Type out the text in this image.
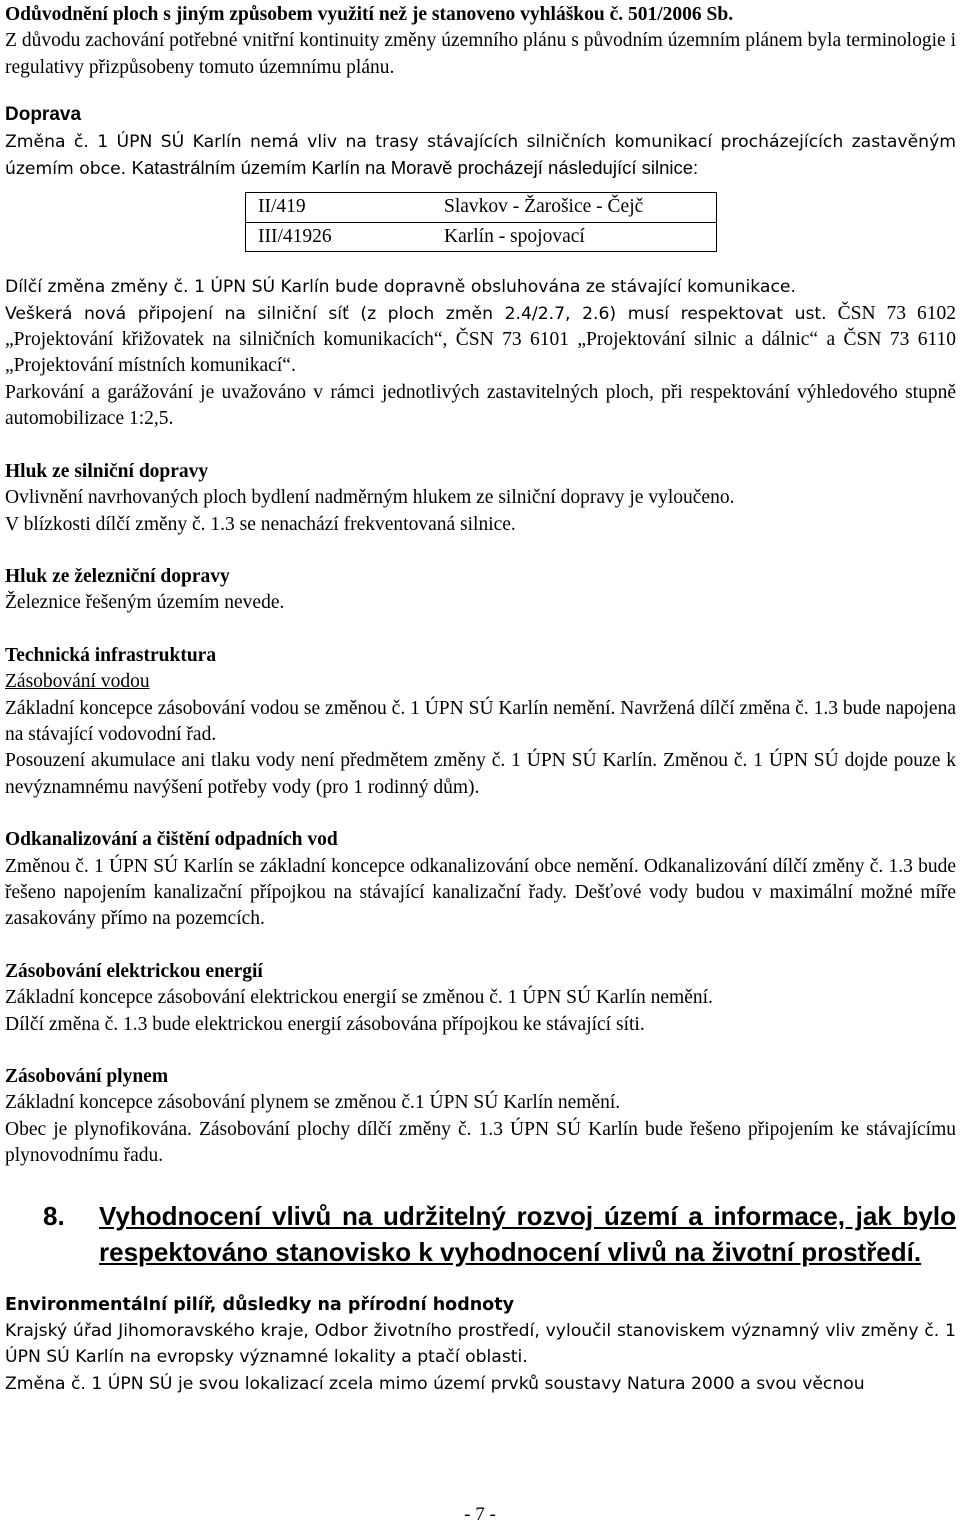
Odůvodnění ploch s jiným způsobem využití než je stanoveno vyhláškou č. 501/2006 Sb.

Z důvodu zachování potřebné vnitřní kontinuity změny územního plánu s původním územním plánem byla terminologie i regulativy přizpůsobeny tomuto územnímu plánu.

Doprava

Změna č. 1 ÚPN SÚ Karlín nemá vliv na trasy stávajících silničních komunikací procházejících zastavěným územím obce. Katastrálním územím Karlín na Moravě procházejí následující silnice:

II/419	Slavkov - Žarošice - Čejč
III/41926	Karlín - spojovací

Dílčí změna změny č. 1 ÚPN SÚ Karlín bude dopravně obsluhována ze stávající komunikace.

Veškerá nová připojení na silniční síť (z ploch změn 2.4/2.7, 2.6) musí respektovat ust. ČSN 73 6102 „Projektování křižovatek na silničních komunikacích“, ČSN 73 6101 „Projektování silnic a dálnic“ a ČSN 73 6110 „Projektování místních komunikací“.

Parkování a garážování je uvažováno v rámci jednotlivých zastavitelných ploch, při respektování výhledového stupně automobilizace 1:2,5.

Hluk ze silniční dopravy

Ovlivnění navrhovaných ploch bydlení nadměrným hlukem ze silniční dopravy je vyloučeno.

V blízkosti dílčí změny č. 1.3 se nenachází frekventovaná silnice.

Hluk ze železniční dopravy

Železnice řešeným územím nevede.

Technická infrastruktura

Zásobování vodou

Základní koncepce zásobování vodou se změnou č. 1 ÚPN SÚ Karlín nemění. Navržená dílčí změna č. 1.3 bude napojena na stávající vodovodní řad.

Posouzení akumulace ani tlaku vody není předmětem změny č. 1 ÚPN SÚ Karlín. Změnou č. 1 ÚPN SÚ dojde pouze k nevýznamnému navýšení potřeby vody (pro 1 rodinný dům).

Odkanalizování a čištění odpadních vod

Změnou č. 1 ÚPN SÚ Karlín se základní koncepce odkanalizování obce nemění. Odkanalizování dílčí změny č. 1.3 bude řešeno napojením kanalizační přípojkou na stávající kanalizační řady. Dešťové vody budou v maximální možné míře zasakovány přímo na pozemcích.

Zásobování elektrickou energií

Základní koncepce zásobování elektrickou energií se změnou č. 1 ÚPN SÚ Karlín nemění.

Dílčí změna č. 1.3 bude elektrickou energií zásobována přípojkou ke stávající síti.

Zásobování plynem

Základní koncepce zásobování plynem se změnou č.1 ÚPN SÚ Karlín nemění.

Obec je plynofikována. Zásobování plochy dílčí změny č. 1.3 ÚPN SÚ Karlín bude řešeno připojením ke stávajícímu plynovodnímu řadu.

8.	Vyhodnocení vlivů na udržitelný rozvoj území a informace, jak bylo respektováno stanovisko k vyhodnocení vlivů na životní prostředí.

Environmentální pilíř, důsledky na přírodní hodnoty

Krajský úřad Jihomoravského kraje, Odbor životního prostředí, vyloučil stanoviskem významný vliv změny č. 1 ÚPN SÚ Karlín na evropsky významné lokality a ptačí oblasti.

Změna č. 1 ÚPN SÚ je svou lokalizací zcela mimo území prvků soustavy Natura 2000 a svou věcnou

- 7 -
